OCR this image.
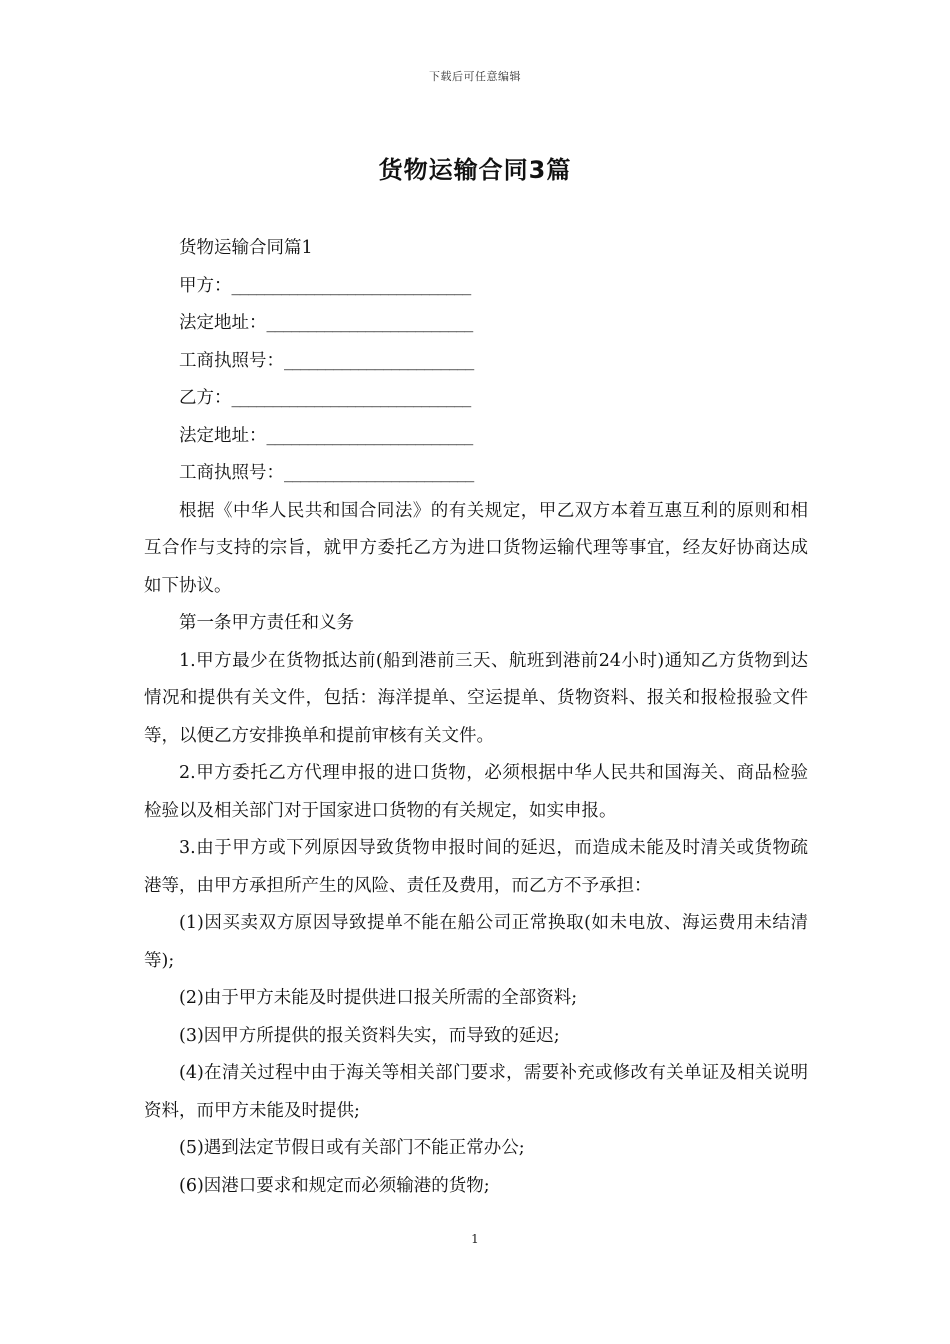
下载后可任意编辑
货物运输合同3篇

货物运输合同篇1

甲方：_____________________________

法定地址：_________________________

工商执照号：_______________________

乙方：_____________________________

法定地址：_________________________

工商执照号：_______________________

根据《中华人民共和国合同法》的有关规定，甲乙双方本着互惠互利的原则和相互合作与支持的宗旨，就甲方委托乙方为进口货物运输代理等事宜，经友好协商达成如下协议。

第一条甲方责任和义务

1.甲方最少在货物抵达前(船到港前三天、航班到港前24小时)通知乙方货物到达情况和提供有关文件，包括：海洋提单、空运提单、货物资料、报关和报检报验文件等，以便乙方安排换单和提前审核有关文件。

2.甲方委托乙方代理申报的进口货物，必须根据中华人民共和国海关、商品检验检验以及相关部门对于国家进口货物的有关规定，如实申报。

3.由于甲方或下列原因导致货物申报时间的延迟，而造成未能及时清关或货物疏港等，由甲方承担所产生的风险、责任及费用，而乙方不予承担：

(1)因买卖双方原因导致提单不能在船公司正常换取(如未电放、海运费用未结清等);

(2)由于甲方未能及时提供进口报关所需的全部资料;

(3)因甲方所提供的报关资料失实，而导致的延迟;

(4)在清关过程中由于海关等相关部门要求，需要补充或修改有关单证及相关说明资料，而甲方未能及时提供;

(5)遇到法定节假日或有关部门不能正常办公;

(6)因港口要求和规定而必须输港的货物;

1
